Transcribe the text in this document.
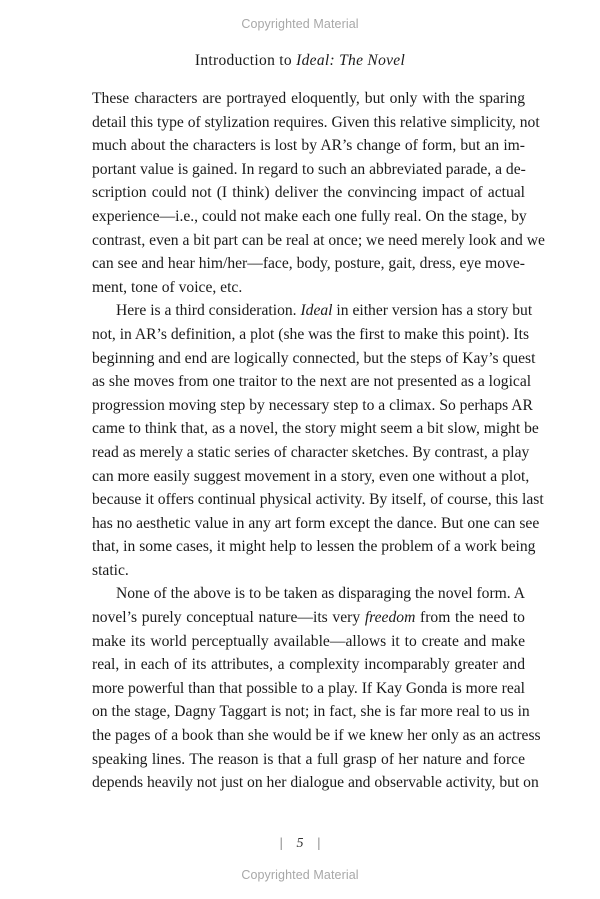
Copyrighted Material
Introduction to Ideal: The Novel
These characters are portrayed eloquently, but only with the sparing
detail this type of stylization requires. Given this relative simplicity, not
much about the characters is lost by AR’s change of form, but an im-
portant value is gained. In regard to such an abbreviated parade, a de-
scription could not (I think) deliver the convincing impact of actual
experience—i.e., could not make each one fully real. On the stage, by
contrast, even a bit part can be real at once; we need merely look and we
can see and hear him/her—face, body, posture, gait, dress, eye move-
ment, tone of voice, etc.
Here is a third consideration. Ideal in either version has a story but
not, in AR’s definition, a plot (she was the first to make this point). Its
beginning and end are logically connected, but the steps of Kay’s quest
as she moves from one traitor to the next are not presented as a logical
progression moving step by necessary step to a climax. So perhaps AR
came to think that, as a novel, the story might seem a bit slow, might be
read as merely a static series of character sketches. By contrast, a play
can more easily suggest movement in a story, even one without a plot,
because it offers continual physical activity. By itself, of course, this last
has no aesthetic value in any art form except the dance. But one can see
that, in some cases, it might help to lessen the problem of a work being
static.
None of the above is to be taken as disparaging the novel form. A
novel’s purely conceptual nature—its very freedom from the need to
make its world perceptually available—allows it to create and make
real, in each of its attributes, a complexity incomparably greater and
more powerful than that possible to a play. If Kay Gonda is more real
on the stage, Dagny Taggart is not; in fact, she is far more real to us in
the pages of a book than she would be if we knew her only as an actress
speaking lines. The reason is that a full grasp of her nature and force
depends heavily not just on her dialogue and observable activity, but on
| 5 |
Copyrighted Material
